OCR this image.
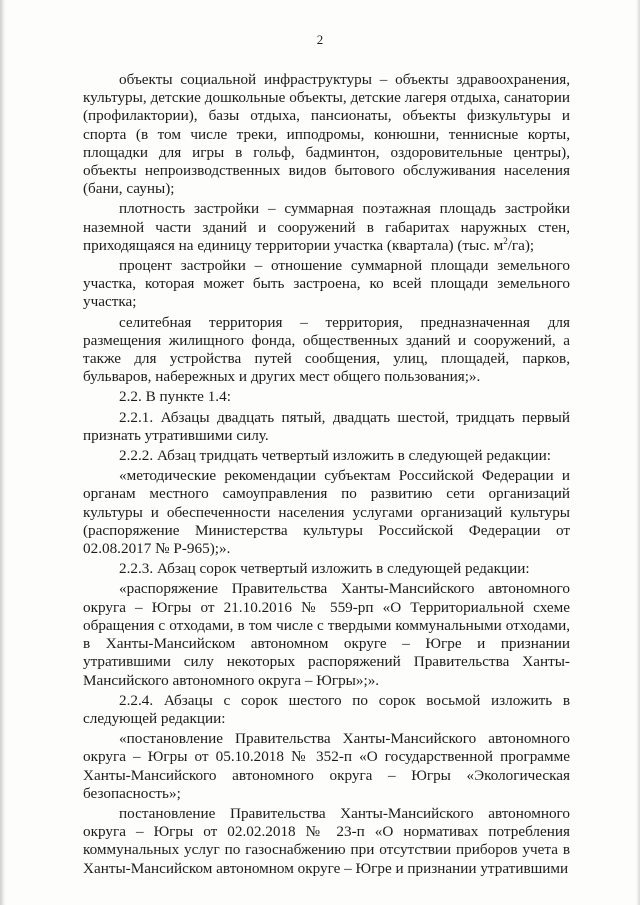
2

объекты социальной инфраструктуры – объекты здравоохранения, культуры, детские дошкольные объекты, детские лагеря отдыха, санатории (профилактории), базы отдыха, пансионаты, объекты физкультуры и спорта (в том числе треки, ипподромы, конюшни, теннисные корты, площадки для игры в гольф, бадминтон, оздоровительные центры), объекты непроизводственных видов бытового обслуживания населения (бани, сауны);

плотность застройки – суммарная поэтажная площадь застройки наземной части зданий и сооружений в габаритах наружных стен, приходящаяся на единицу территории участка (квартала) (тыс. $м^2/га$);

процент застройки – отношение суммарной площади земельного участка, которая может быть застроена, ко всей площади земельного участка;

селитебная территория – территория, предназначенная для размещения жилищного фонда, общественных зданий и сооружений, а также для устройства путей сообщения, улиц, площадей, парков, бульваров, набережных и других мест общего пользования;».

2.2. В пункте 1.4:

2.2.1. Абзацы двадцать пятый, двадцать шестой, тридцать первый признать утратившими силу.

2.2.2. Абзац тридцать четвертый изложить в следующей редакции:

«методические рекомендации субъектам Российской Федерации и органам местного самоуправления по развитию сети организаций культуры и обеспеченности населения услугами организаций культуры (распоряжение Министерства культуры Российской Федерации от 02.08.2017 № Р-965);».

2.2.3. Абзац сорок четвертый изложить в следующей редакции:

«распоряжение Правительства Ханты-Мансийского автономного округа – Югры от 21.10.2016 № 559-рп «О Территориальной схеме обращения с отходами, в том числе с твердыми коммунальными отходами, в Ханты-Мансийском автономном округе – Югре и признании утратившими силу некоторых распоряжений Правительства Ханты-Мансийского автономного округа – Югры»;».

2.2.4. Абзацы с сорок шестого по сорок восьмой изложить в следующей редакции:

«постановление Правительства Ханты-Мансийского автономного округа – Югры от 05.10.2018 № 352-п «О государственной программе Ханты-Мансийского автономного округа – Югры «Экологическая безопасность»;

постановление Правительства Ханты-Мансийского автономного округа – Югры от 02.02.2018 № 23-п «О нормативах потребления коммунальных услуг по газоснабжению при отсутствии приборов учета в Ханты-Мансийском автономном округе – Югре и признании утратившими
